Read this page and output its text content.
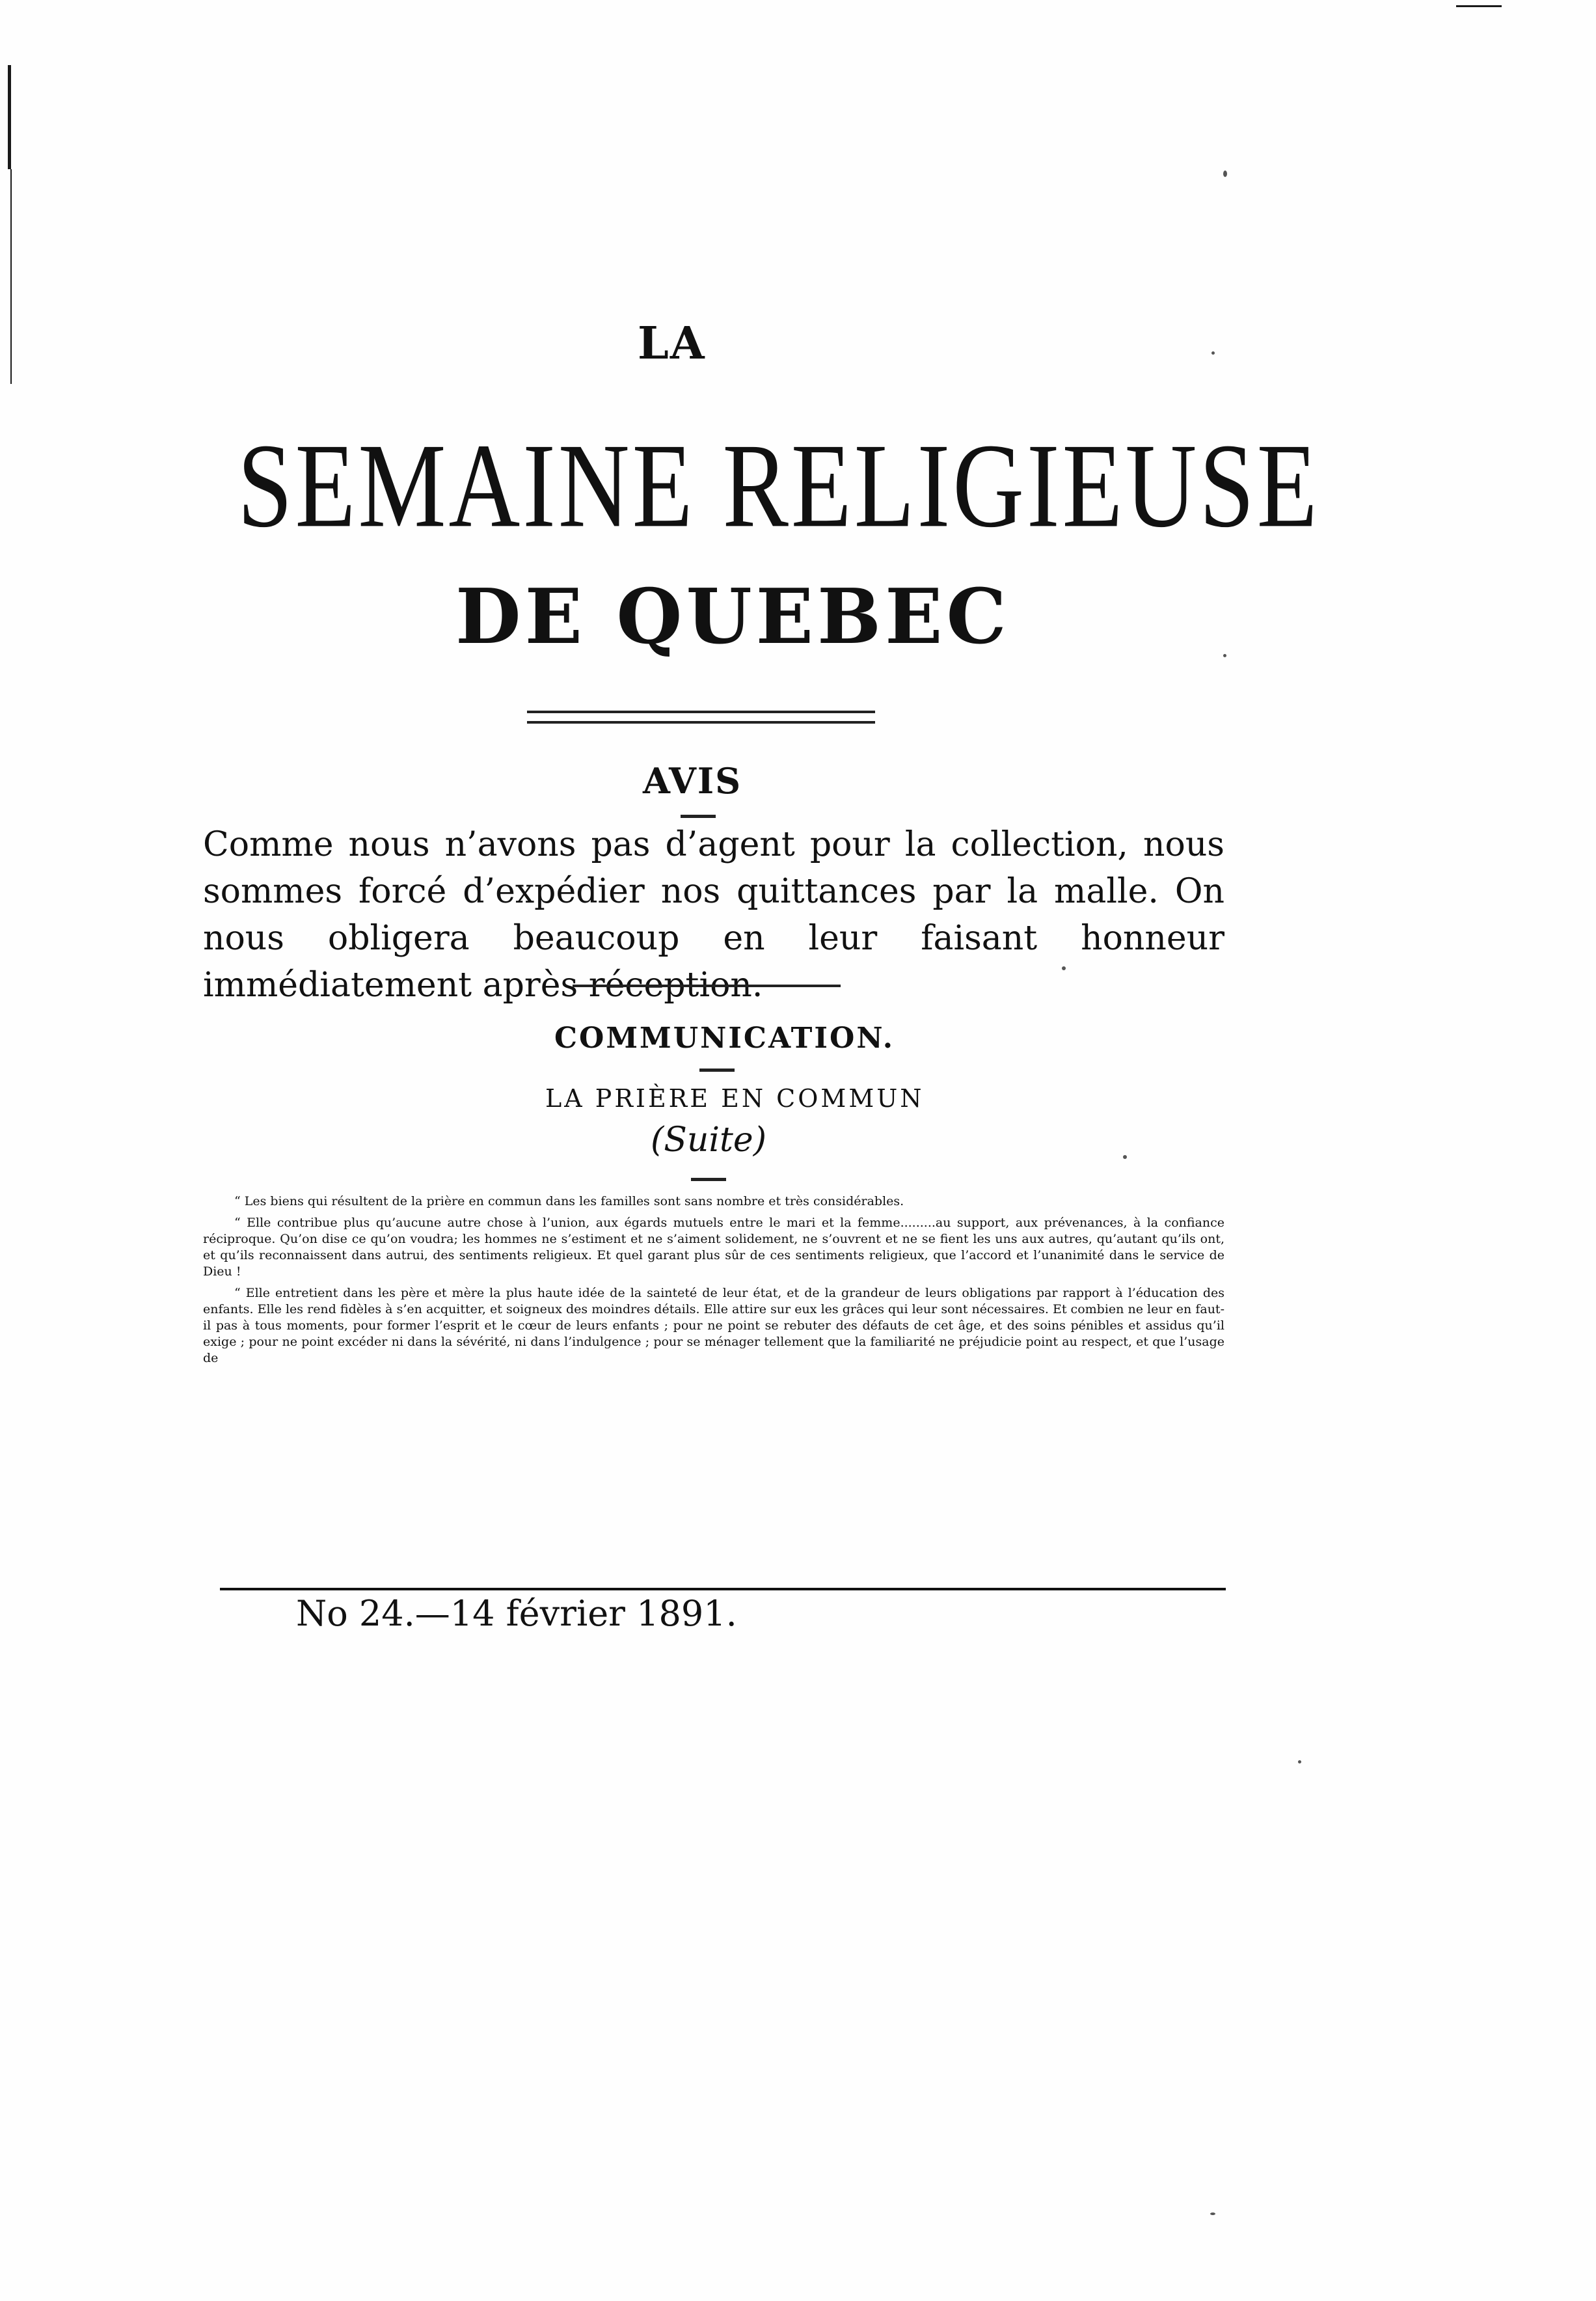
LA
SEMAINE RELIGIEUSE
DE QUEBEC
AVIS
Comme nous n’avons pas d’agent pour la collection, nous sommes forcé d’expédier nos quittances par la malle. On nous obligera beaucoup en leur faisant honneur immédiatement après réception.
COMMUNICATION.
LA PRIÈRE EN COMMUN
(Suite)
“ Les biens qui résultent de la prière en commun dans les familles sont sans nombre et très considérables.
“ Elle contribue plus qu’aucune autre chose à l’union, aux égards mutuels entre le mari et la femme.........au support, aux prévenances, à la confiance réciproque. Qu’on dise ce qu’on voudra; les hommes ne s’estiment et ne s’aiment solidement, ne s’ouvrent et ne se fient les uns aux autres, qu’autant qu’ils ont, et qu’ils reconnaissent dans autrui, des sentiments religieux. Et quel garant plus sûr de ces sentiments religieux, que l’accord et l’unanimité dans le service de Dieu !
“ Elle entretient dans les père et mère la plus haute idée de la sainteté de leur état, et de la grandeur de leurs obligations par rapport à l’éducation des enfants. Elle les rend fidèles à s’en acquitter, et soigneux des moindres détails. Elle attire sur eux les grâces qui leur sont nécessaires. Et combien ne leur en faut-il pas à tous moments, pour former l’esprit et le cœur de leurs enfants ; pour ne point se rebuter des défauts de cet âge, et des soins pénibles et assidus qu’il exige ; pour ne point excéder ni dans la sévérité, ni dans l’indulgence ; pour se ménager tellement que la familiarité ne préjudicie point au respect, et que l’usage de
No 24.—14 février 1891.
